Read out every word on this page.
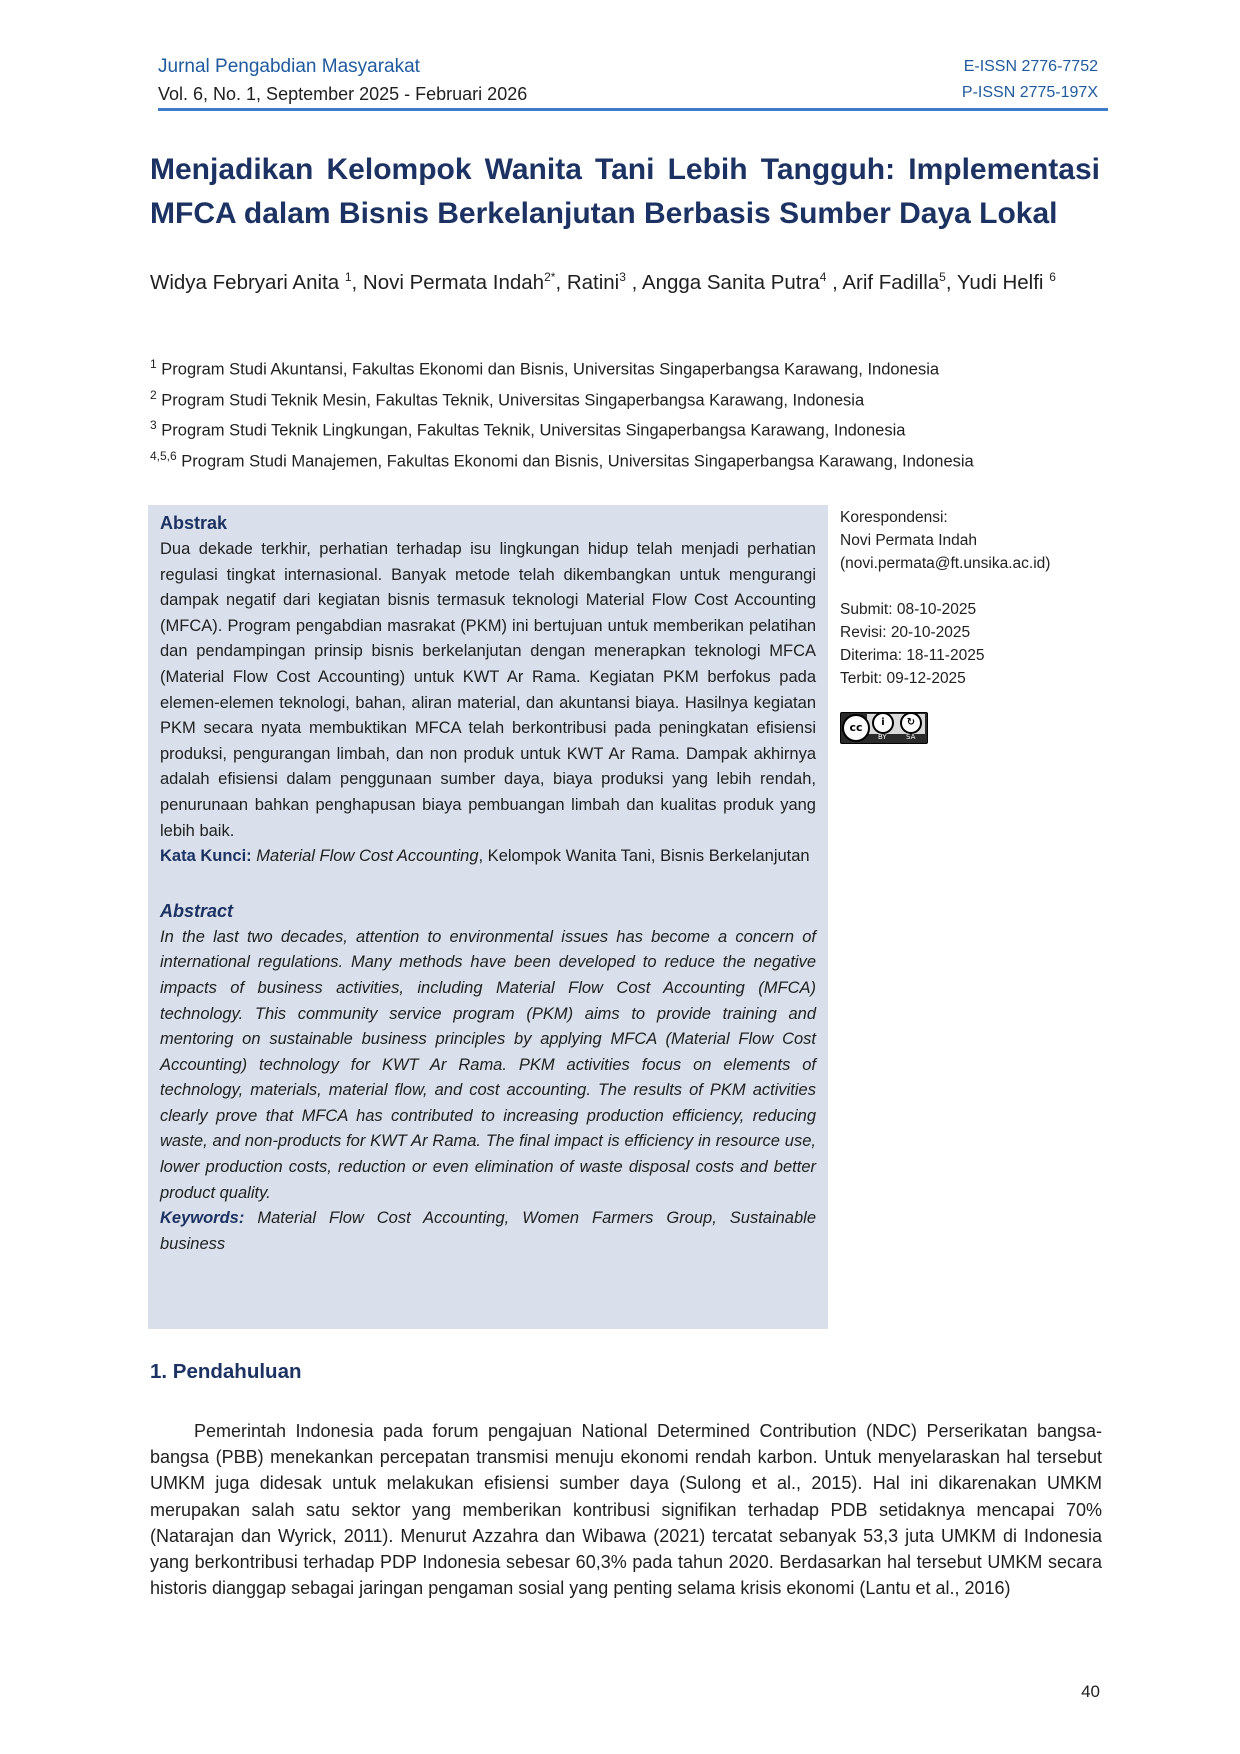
Jurnal Pengabdian Masyarakat
Vol. 6, No. 1, September 2025 - Februari 2026
E-ISSN 2776-7752
P-ISSN 2775-197X
Menjadikan Kelompok Wanita Tani Lebih Tangguh: Implementasi MFCA dalam Bisnis Berkelanjutan Berbasis Sumber Daya Lokal
Widya Febryari Anita $^1$, Novi Permata Indah$^{2*}$, Ratini$^3$ , Angga Sanita Putra$^4$ , Arif Fadilla$^5$, Yudi Helfi $^6$
$^1$ Program Studi Akuntansi, Fakultas Ekonomi dan Bisnis, Universitas Singaperbangsa Karawang, Indonesia
$^2$ Program Studi Teknik Mesin, Fakultas Teknik, Universitas Singaperbangsa Karawang, Indonesia
$^3$ Program Studi Teknik Lingkungan, Fakultas Teknik, Universitas Singaperbangsa Karawang, Indonesia
$^{4,5,6}$ Program Studi Manajemen, Fakultas Ekonomi dan Bisnis, Universitas Singaperbangsa Karawang, Indonesia
Abstrak

Dua dekade terkhir, perhatian terhadap isu lingkungan hidup telah menjadi perhatian regulasi tingkat internasional. Banyak metode telah dikembangkan untuk mengurangi dampak negatif dari kegiatan bisnis termasuk teknologi Material Flow Cost Accounting (MFCA). Program pengabdian masrakat (PKM) ini bertujuan untuk memberikan pelatihan dan pendampingan prinsip bisnis berkelanjutan dengan menerapkan teknologi MFCA (Material Flow Cost Accounting) untuk KWT Ar Rama. Kegiatan PKM berfokus pada elemen-elemen teknologi, bahan, aliran material, dan akuntansi biaya. Hasilnya kegiatan PKM secara nyata membuktikan MFCA telah berkontribusi pada peningkatan efisiensi produksi, pengurangan limbah, dan non produk untuk KWT Ar Rama. Dampak akhirnya adalah efisiensi dalam penggunaan sumber daya, biaya produksi yang lebih rendah, penurunaan bahkan penghapusan biaya pembuangan limbah dan kualitas produk yang lebih baik.

Kata Kunci: Material Flow Cost Accounting, Kelompok Wanita Tani, Bisnis Berkelanjutan

Abstract

In the last two decades, attention to environmental issues has become a concern of international regulations. Many methods have been developed to reduce the negative impacts of business activities, including Material Flow Cost Accounting (MFCA) technology. This community service program (PKM) aims to provide training and mentoring on sustainable business principles by applying MFCA (Material Flow Cost Accounting) technology for KWT Ar Rama. PKM activities focus on elements of technology, materials, material flow, and cost accounting. The results of PKM activities clearly prove that MFCA has contributed to increasing production efficiency, reducing waste, and non-products for KWT Ar Rama. The final impact is efficiency in resource use, lower production costs, reduction or even elimination of waste disposal costs and better product quality.

Keywords: Material Flow Cost Accounting, Women Farmers Group, Sustainable business

Korespondensi:
Novi Permata Indah
(novi.permata@ft.unsika.ac.id)
Submit: 08-10-2025
Revisi: 20-10-2025
Diterima: 18-11-2025
Terbit: 09-12-2025
cc	i	↻
BY	SA
1. Pendahuluan

Pemerintah Indonesia pada forum pengajuan National Determined Contribution (NDC) Perserikatan bangsa-bangsa (PBB) menekankan percepatan transmisi menuju ekonomi rendah karbon. Untuk menyelaraskan hal tersebut UMKM juga didesak untuk melakukan efisiensi sumber daya (Sulong et al., 2015). Hal ini dikarenakan UMKM merupakan salah satu sektor yang memberikan kontribusi signifikan terhadap PDB setidaknya mencapai 70% (Natarajan dan Wyrick, 2011). Menurut Azzahra dan Wibawa (2021) tercatat sebanyak 53,3 juta UMKM di Indonesia yang berkontribusi terhadap PDP Indonesia sebesar 60,3% pada tahun 2020. Berdasarkan hal tersebut UMKM secara historis dianggap sebagai jaringan pengaman sosial yang penting selama krisis ekonomi (Lantu et al., 2016)

40
